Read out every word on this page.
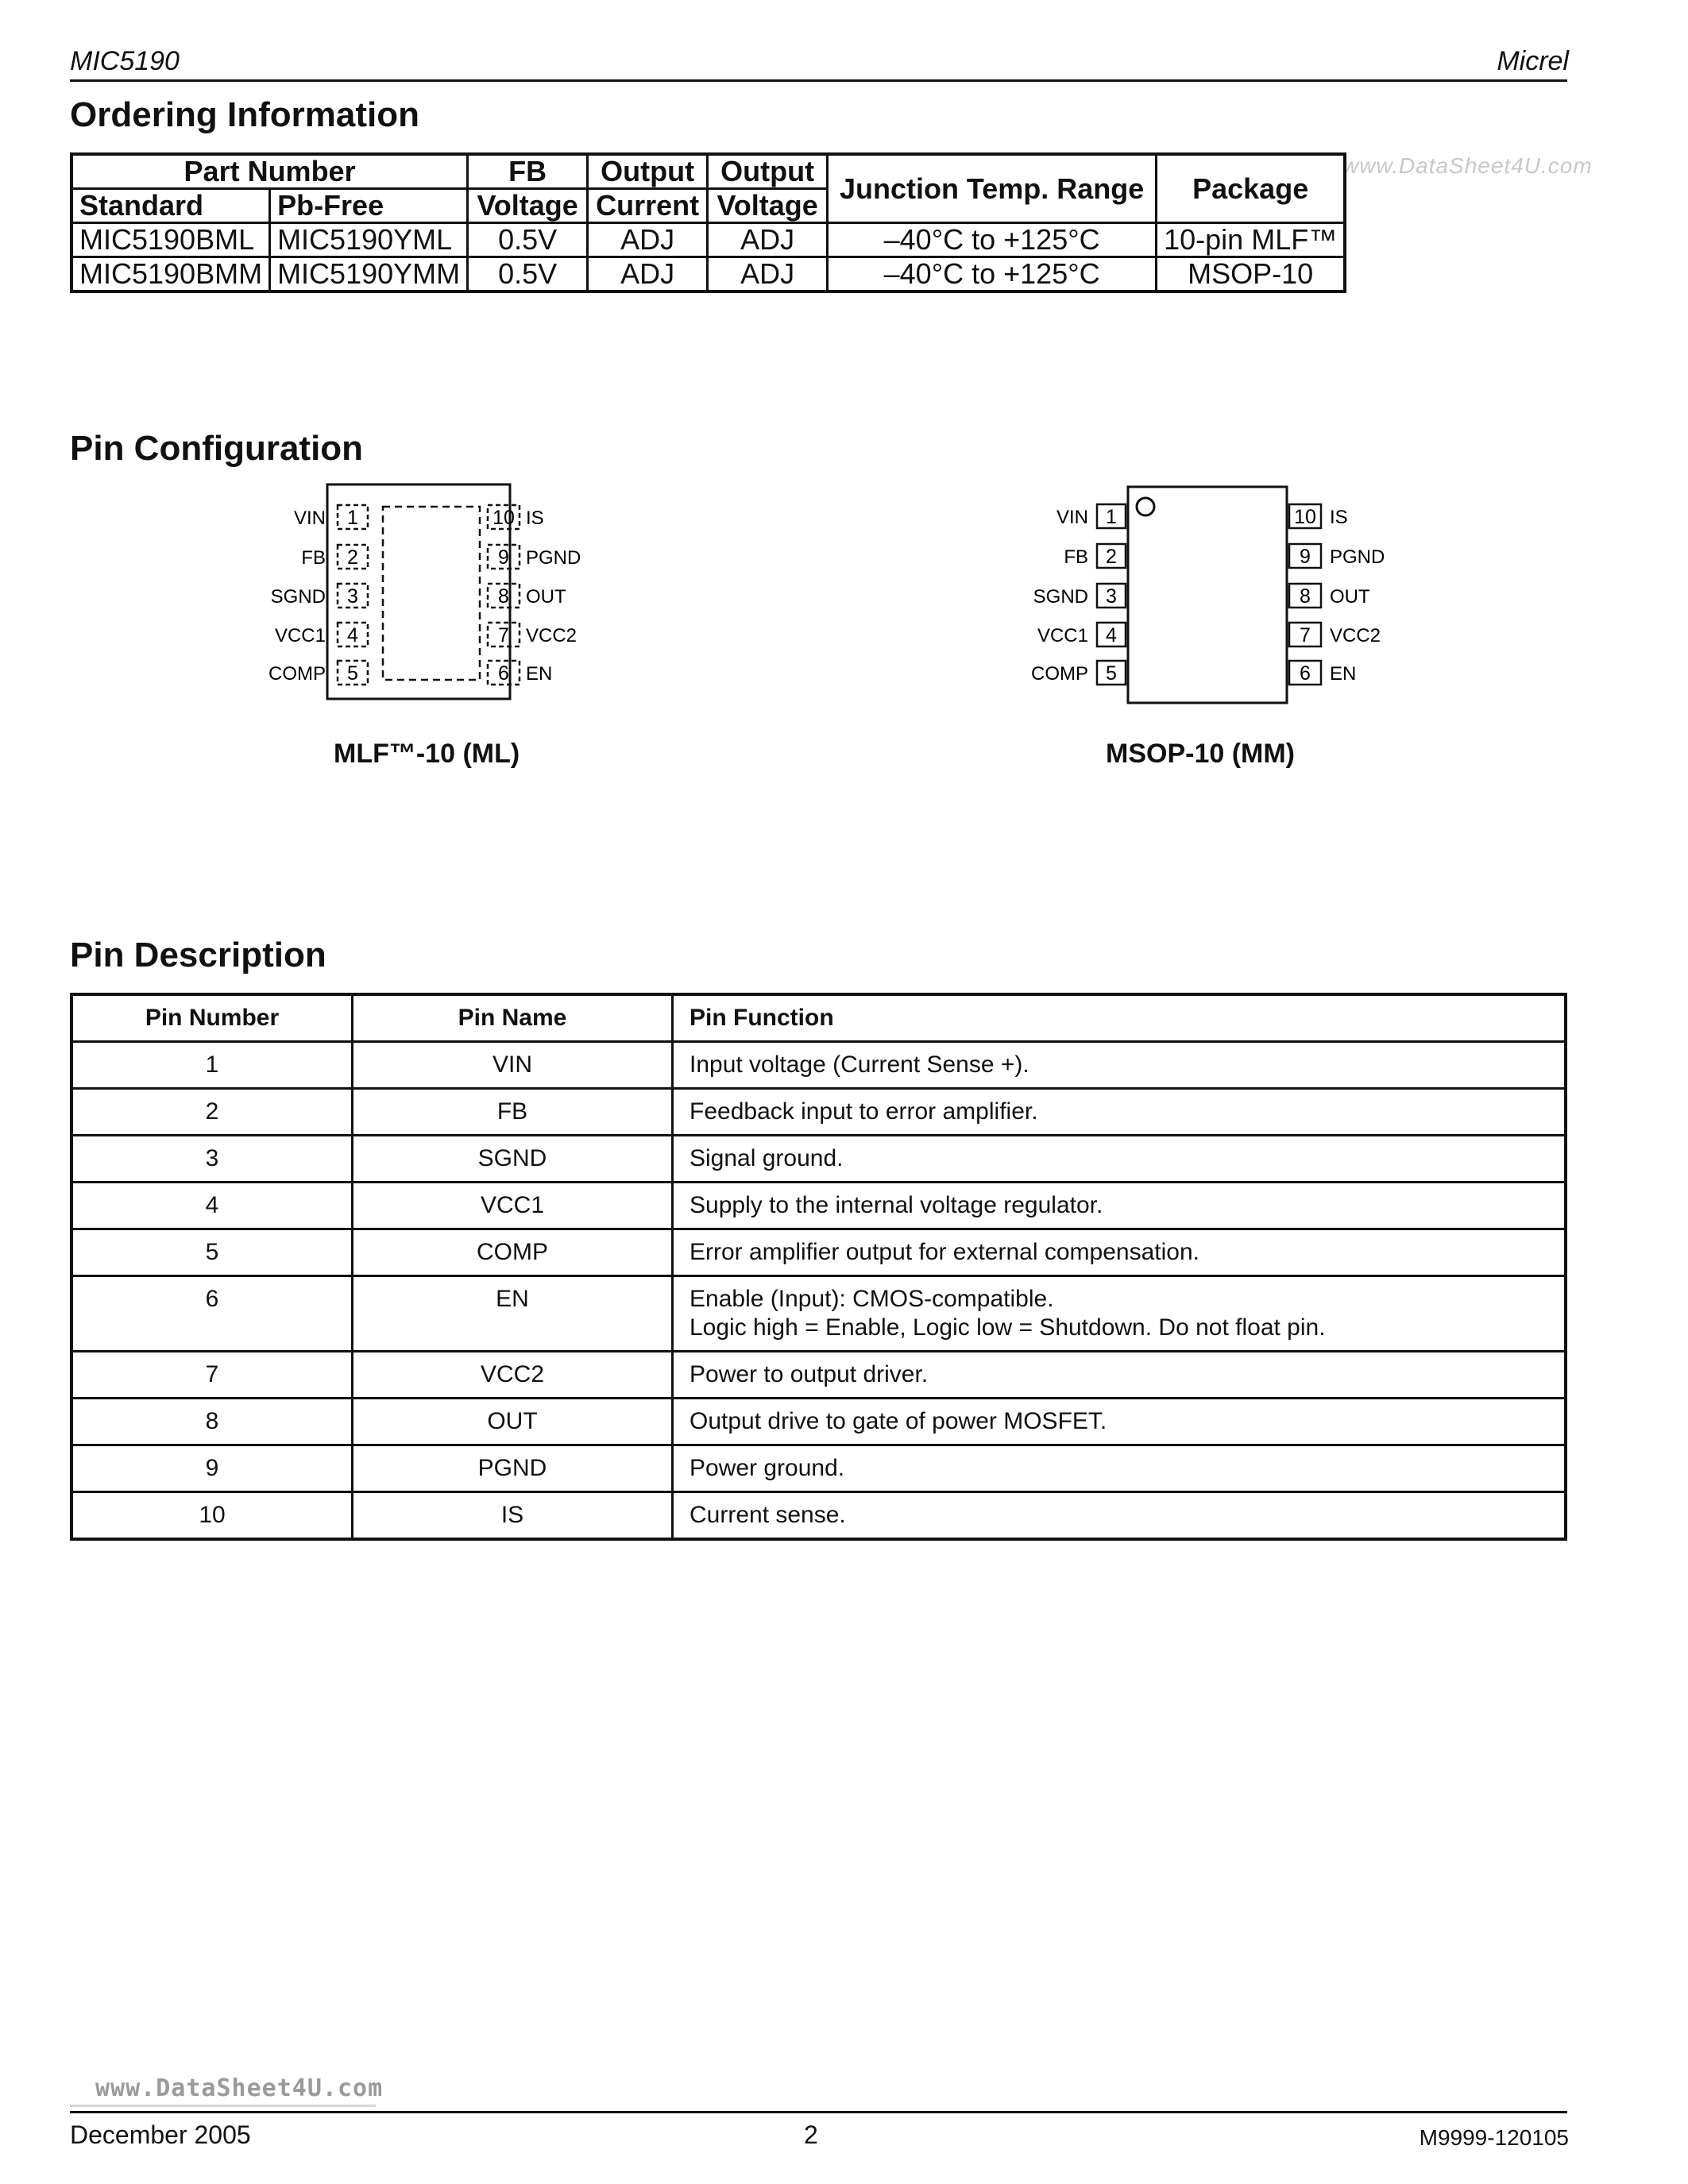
MIC5190	Micrel
Ordering Information
www.DataSheet4U.com
Part Number		FB	Output	Output	Junction Temp. Range	Package
Standard	Pb-Free	Voltage	Current	Voltage		
MIC5190BML	MIC5190YML	0.5V	ADJ	ADJ	–40°C to +125°C	10-pin MLF™
MIC5190BMM	MIC5190YMM	0.5V	ADJ	ADJ	–40°C to +125°C	MSOP-10
Pin Configuration
1
VIN
2
FB
3
SGND
4
VCC1
5
COMP
10 IS
9 PGND
8 OUT
7 VCC2
6 EN
MLF™-10 (ML)
1
VIN
2
FB
3
SGND
4
VCC1
5
COMP
10 IS
9 PGND
8 OUT
7 VCC2
6 EN
MSOP-10 (MM)
Pin Description
Pin Number	Pin Name	Pin Function
1	VIN	Input voltage (Current Sense +).
2	FB	Feedback input to error amplifier.
3	SGND	Signal ground.
4	VCC1	Supply to the internal voltage regulator.
5	COMP	Error amplifier output for external compensation.
6	EN	Enable (Input): CMOS-compatible.
Logic high = Enable, Logic low = Shutdown. Do not float pin.

7	VCC2	Power to output driver.
8	OUT	Output drive to gate of power MOSFET.
9	PGND	Power ground.
10	IS	Current sense.
www.DataSheet4U.com
December 2005	2	M9999-120105
